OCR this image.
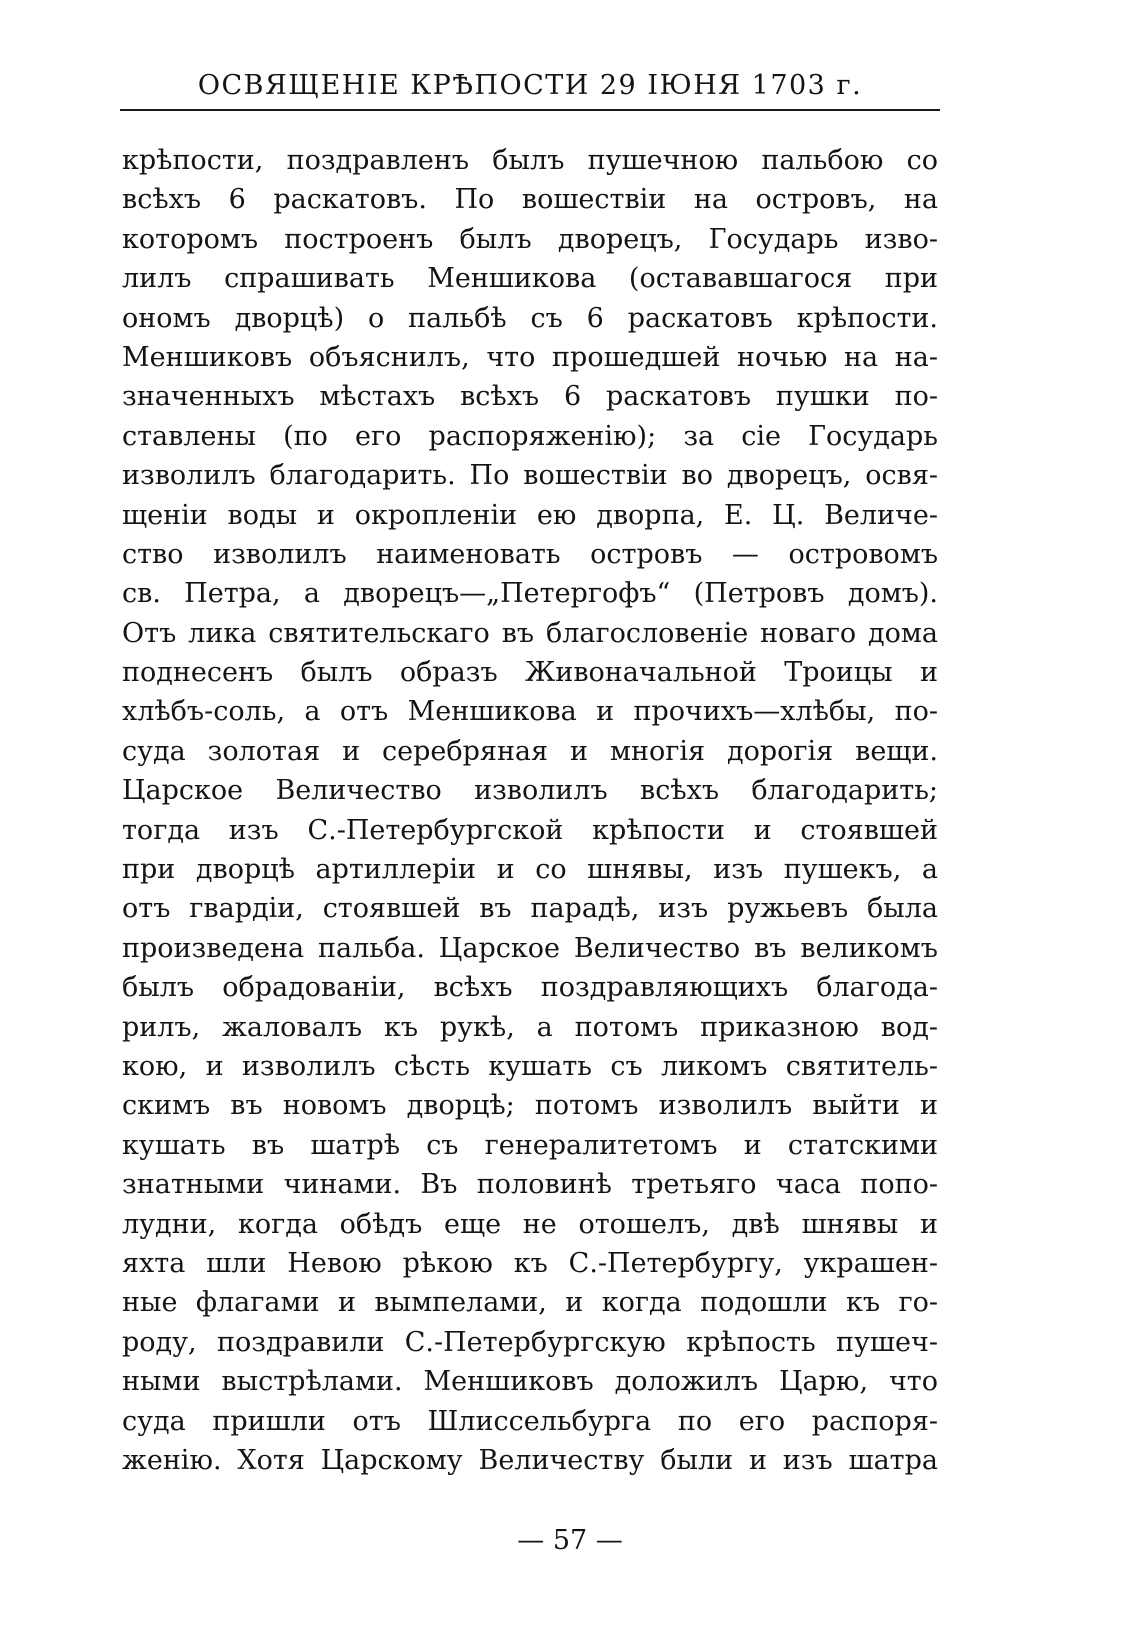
ОСВЯЩЕНІЕ КРѢПОСТИ 29 ІЮНЯ 1703 г.
крѣпости, поздравленъ былъ пушечною пальбою со
всѣхъ 6 раскатовъ. По вошествіи на островъ, на
которомъ построенъ былъ дворецъ, Государь изво-
лилъ спрашивать Меншикова (остававшагося при
ономъ дворцѣ) о пальбѣ съ 6 раскатовъ крѣпости.
Меншиковъ объяснилъ, что прошедшей ночью на на-
значенныхъ мѣстахъ всѣхъ 6 раскатовъ пушки по-
ставлены (по его распоряженію); за сіе Государь
изволилъ благодарить. По вошествіи во дворецъ, освя-
щеніи воды и окропленіи ею дворпа, Е. Ц. Величе-
ство изволилъ наименовать островъ — островомъ
св. Петра, а дворецъ—„Петергофъ“ (Петровъ домъ).
Отъ лика святительскаго въ благословеніе новаго дома
поднесенъ былъ образъ Живоначальной Троицы и
хлѣбъ-соль, а отъ Меншикова и прочихъ—хлѣбы, по-
суда золотая и серебряная и многія дорогія вещи.
Царское Величество изволилъ всѣхъ благодарить;
тогда изъ С.-Петербургской крѣпости и стоявшей
при дворцѣ артиллеріи и со шнявы, изъ пушекъ, а
отъ гвардіи, стоявшей въ парадѣ, изъ ружьевъ была
произведена пальба. Царское Величество въ великомъ
былъ обрадованіи, всѣхъ поздравляющихъ благода-
рилъ, жаловалъ къ рукѣ, а потомъ приказною вод-
кою, и изволилъ сѣсть кушать съ ликомъ святитель-
скимъ въ новомъ дворцѣ; потомъ изволилъ выйти и
кушать въ шатрѣ съ генералитетомъ и статскими
знатными чинами. Въ половинѣ третьяго часа попо-
лудни, когда обѣдъ еще не отошелъ, двѣ шнявы и
яхта шли Невою рѣкою къ С.-Петербургу, украшен-
ные флагами и вымпелами, и когда подошли къ го-
роду, поздравили С.-Петербургскую крѣпость пушеч-
ными выстрѣлами. Меншиковъ доложилъ Царю, что
суда пришли отъ Шлиссельбурга по его распоря-
женію. Хотя Царскому Величеству были и изъ шатра
— 57 —
